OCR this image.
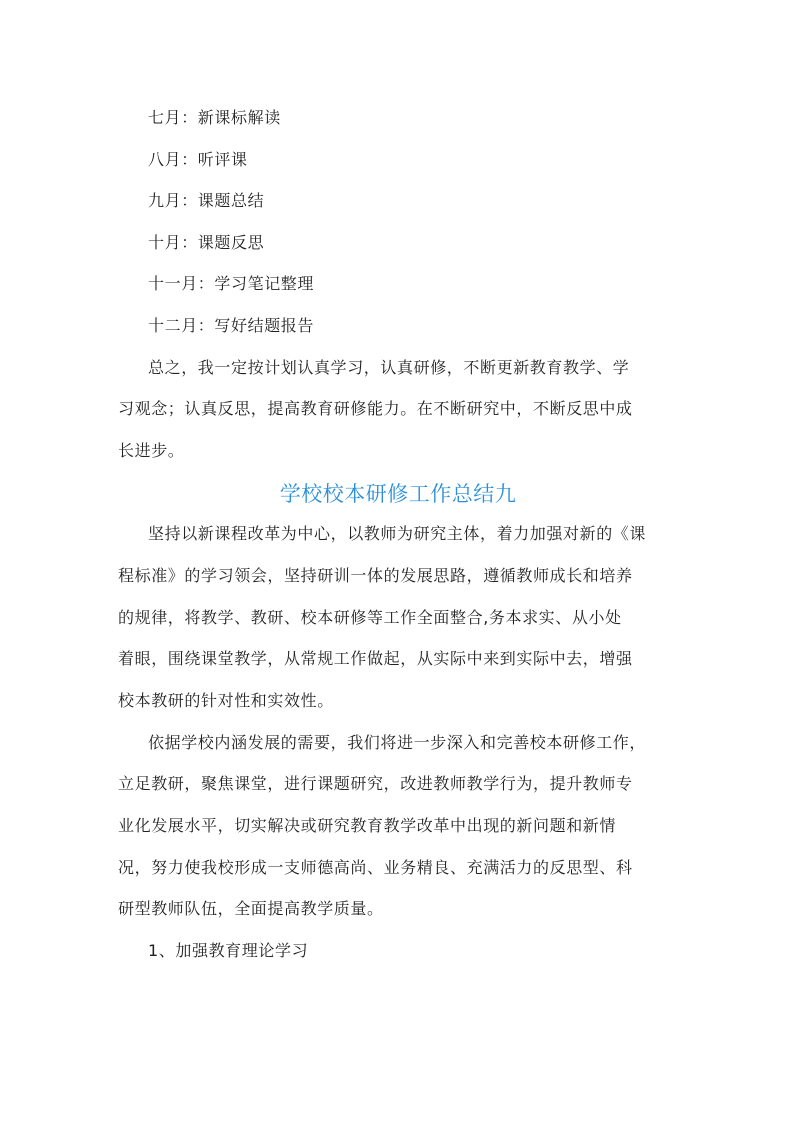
七月：新课标解读
八月：听评课
九月：课题总结
十月：课题反思
十一月：学习笔记整理
十二月：写好结题报告
总之，我一定按计划认真学习，认真研修，不断更新教育教学、学
习观念；认真反思，提高教育研修能力。在不断研究中，不断反思中成
长进步。
学校校本研修工作总结九
坚持以新课程改革为中心，以教师为研究主体，着力加强对新的《课
程标准》的学习领会，坚持研训一体的发展思路，遵循教师成长和培养
的规律，将教学、教研、校本研修等工作全面整合,务本求实、从小处
着眼，围绕课堂教学，从常规工作做起，从实际中来到实际中去，增强
校本教研的针对性和实效性。
依据学校内涵发展的需要，我们将进一步深入和完善校本研修工作，
立足教研，聚焦课堂，进行课题研究，改进教师教学行为，提升教师专
业化发展水平，切实解决或研究教育教学改革中出现的新问题和新情
况，努力使我校形成一支师德高尚、业务精良、充满活力的反思型、科
研型教师队伍，全面提高教学质量。
1、加强教育理论学习
